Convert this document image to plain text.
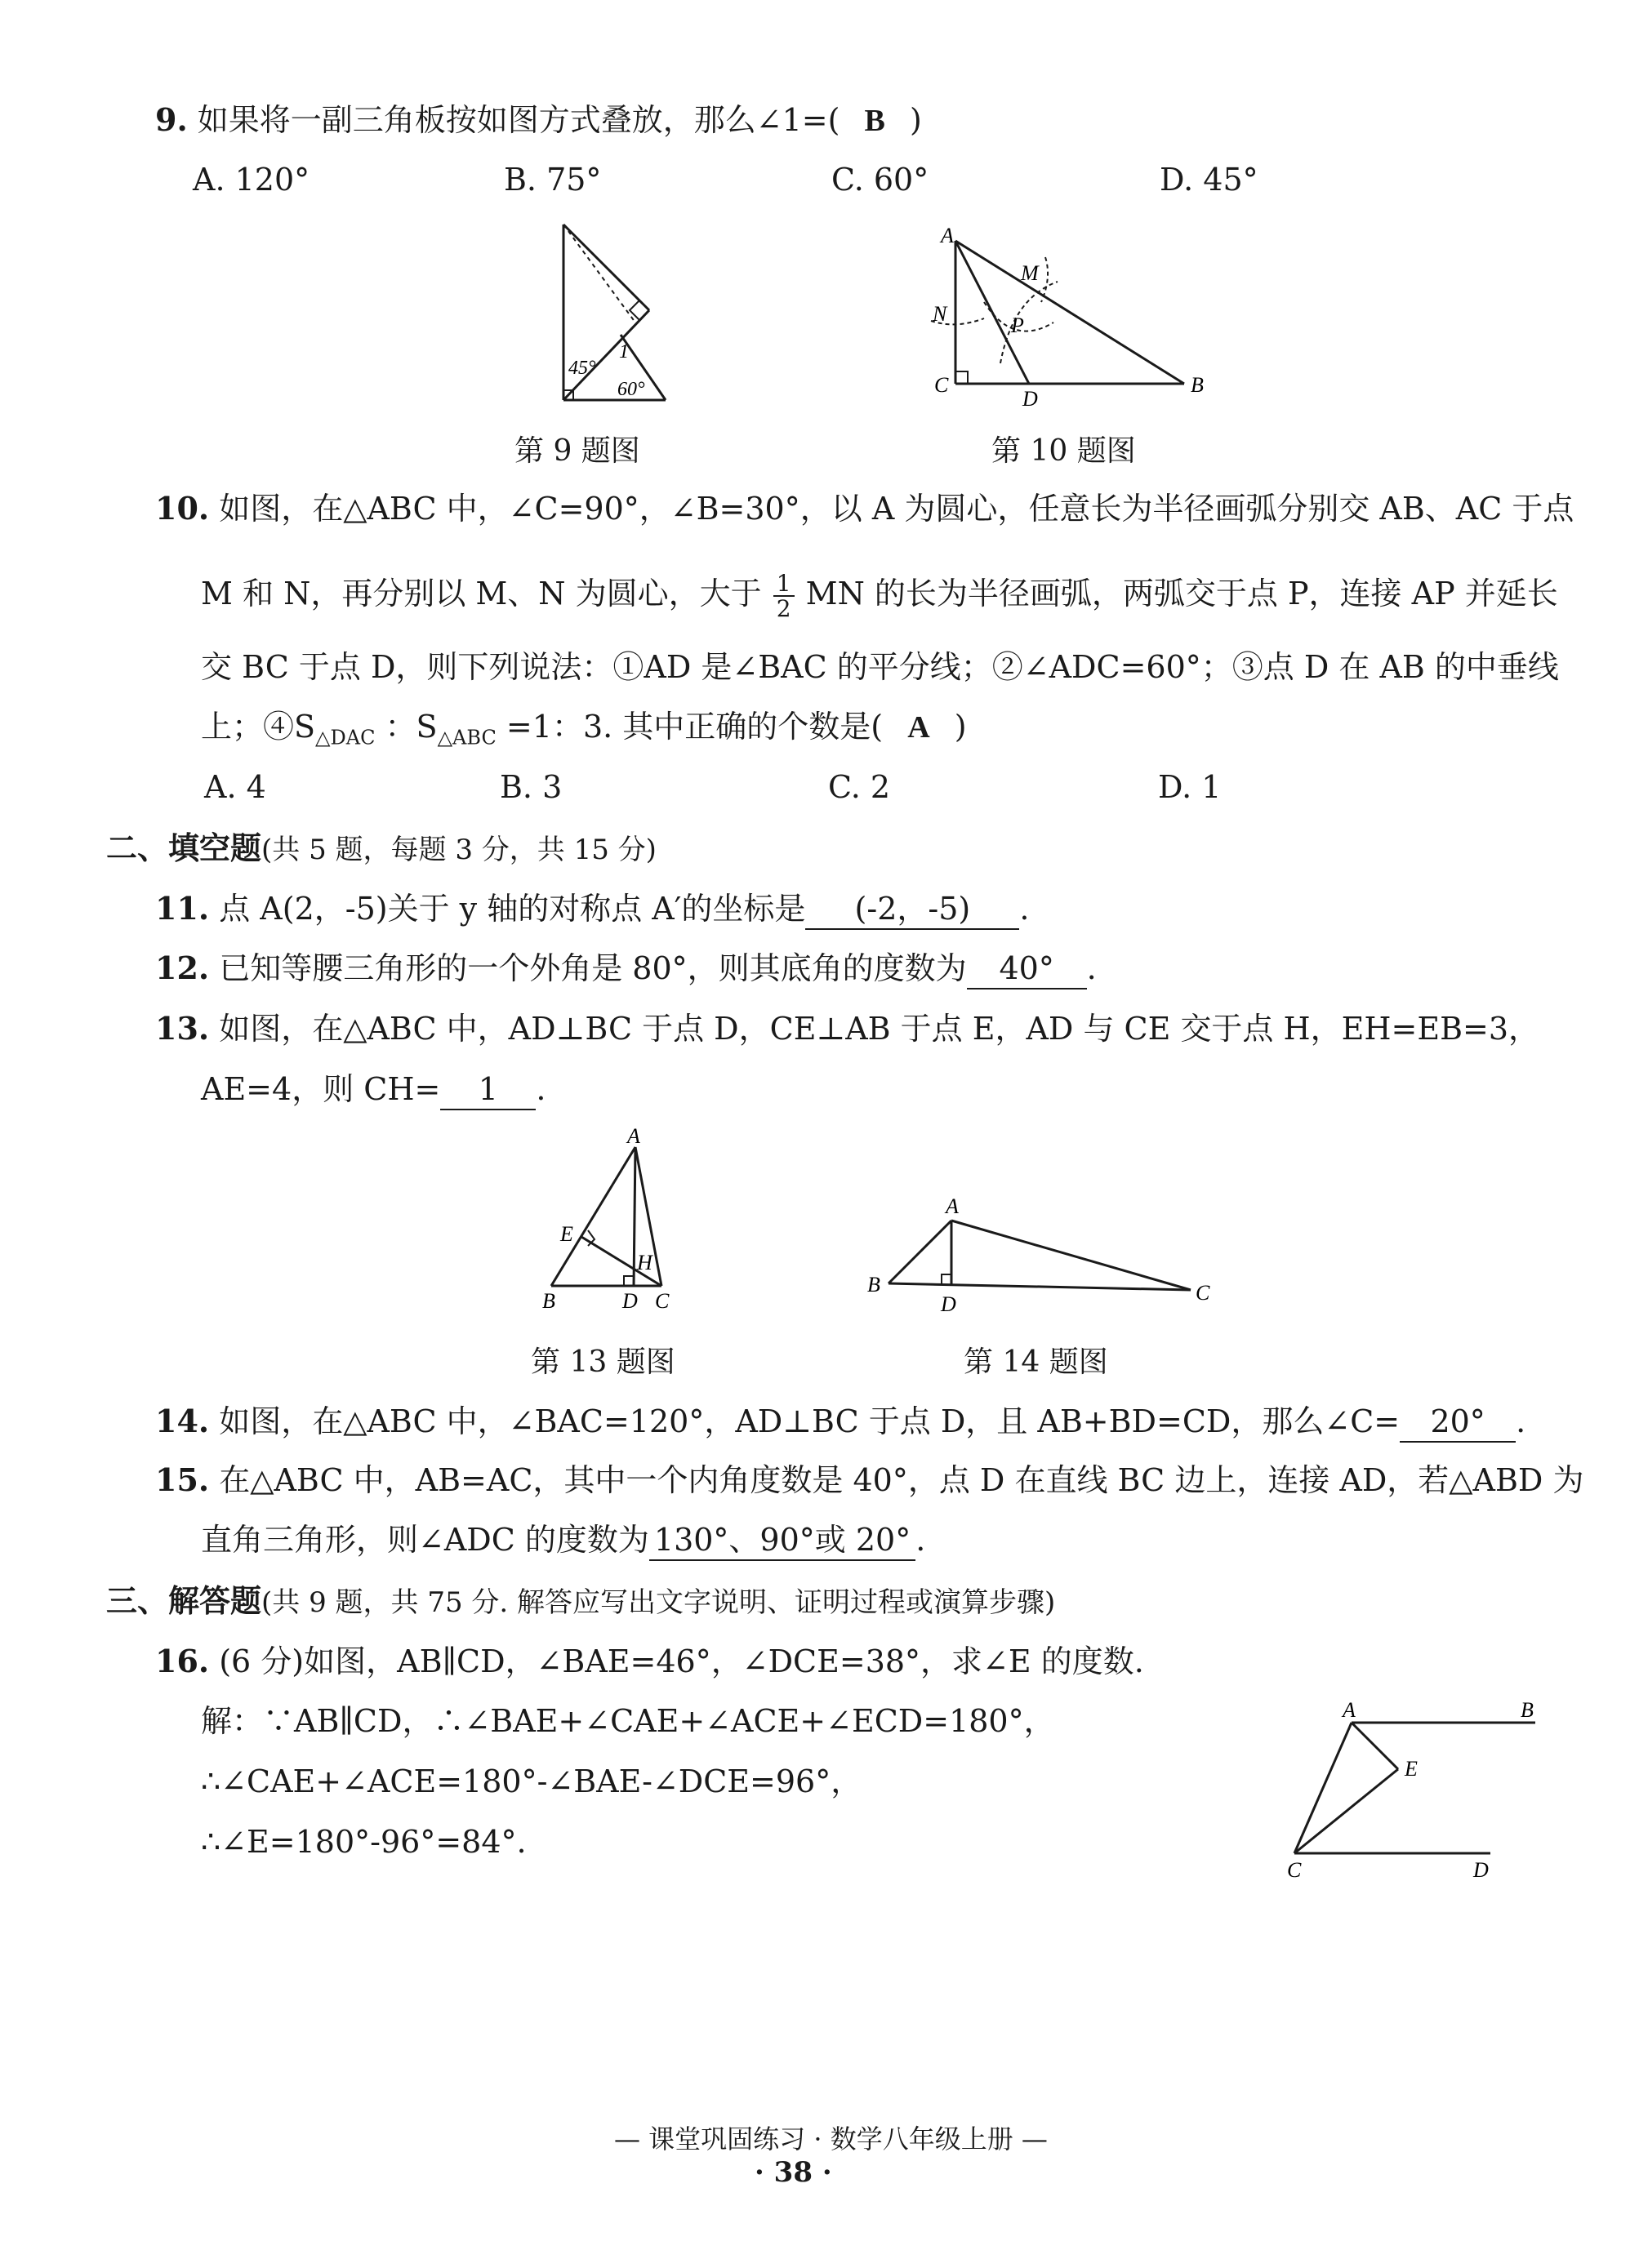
9. 如果将一副三角板按如图方式叠放，那么∠1=( B )
A. 120°	B. 75°	C. 60°	D. 45°
45°
60°
1
第 9 题图
A
B
C
D
M
N	P
第 10 题图
10. 如图，在△ABC 中，∠C=90°，∠B=30°，以 A 为圆心，任意长为半径画弧分别交 AB、AC 于点
M 和 N，再分别以 M、N 为圆心，大于 $\frac{1}{2}$ MN 的长为半径画弧，两弧交于点 P，连接 AP 并延长
交 BC 于点 D，则下列说法：①AD 是∠BAC 的平分线；②∠ADC=60°；③点 D 在 AB 的中垂线
上；$④S_{\triangle DAC}$ ：$S_{\triangle ABC} =1$：3. 其中正确的个数是( A )
A. 4	B. 3	C. 2	D. 1
二、填空题(共 5 题，每题 3 分，共 15 分)
11. 点 A(2，-5)关于 y 轴的对称点 A′的坐标是 (-2，-5) .
12. 已知等腰三角形的一个外角是 80°，则其底角的度数为 40° .
13. 如图，在△ABC 中，AD⊥BC 于点 D，CE⊥AB 于点 E，AD 与 CE 交于点 H，EH=EB=3，
AE=4，则 CH= 1 .
A
B	C
D
E
H
第 13 题图
A
B	C
D
第 14 题图
14. 如图，在△ABC 中，∠BAC=120°，AD⊥BC 于点 D，且 AB+BD=CD，那么∠C= 20° .
15. 在△ABC 中，AB=AC，其中一个内角度数是 40°，点 D 在直线 BC 边上，连接 AD，若△ABD 为
直角三角形，则∠ADC 的度数为 130°、90°或 20° .
三、解答题(共 9 题，共 75 分. 解答应写出文字说明、证明过程或演算步骤)
16. (6 分)如图，AB∥CD，∠BAE=46°，∠DCE=38°，求∠E 的度数.
解：∵AB∥CD，∴∠BAE+∠CAE+∠ACE+∠ECD=180°，
∴∠CAE+∠ACE=180°-∠BAE-∠DCE=96°，
∴∠E=180°-96°=84°.
A	B
C	D
E
— 课堂巩固练习 · 数学八年级上册 —
· 38 ·
